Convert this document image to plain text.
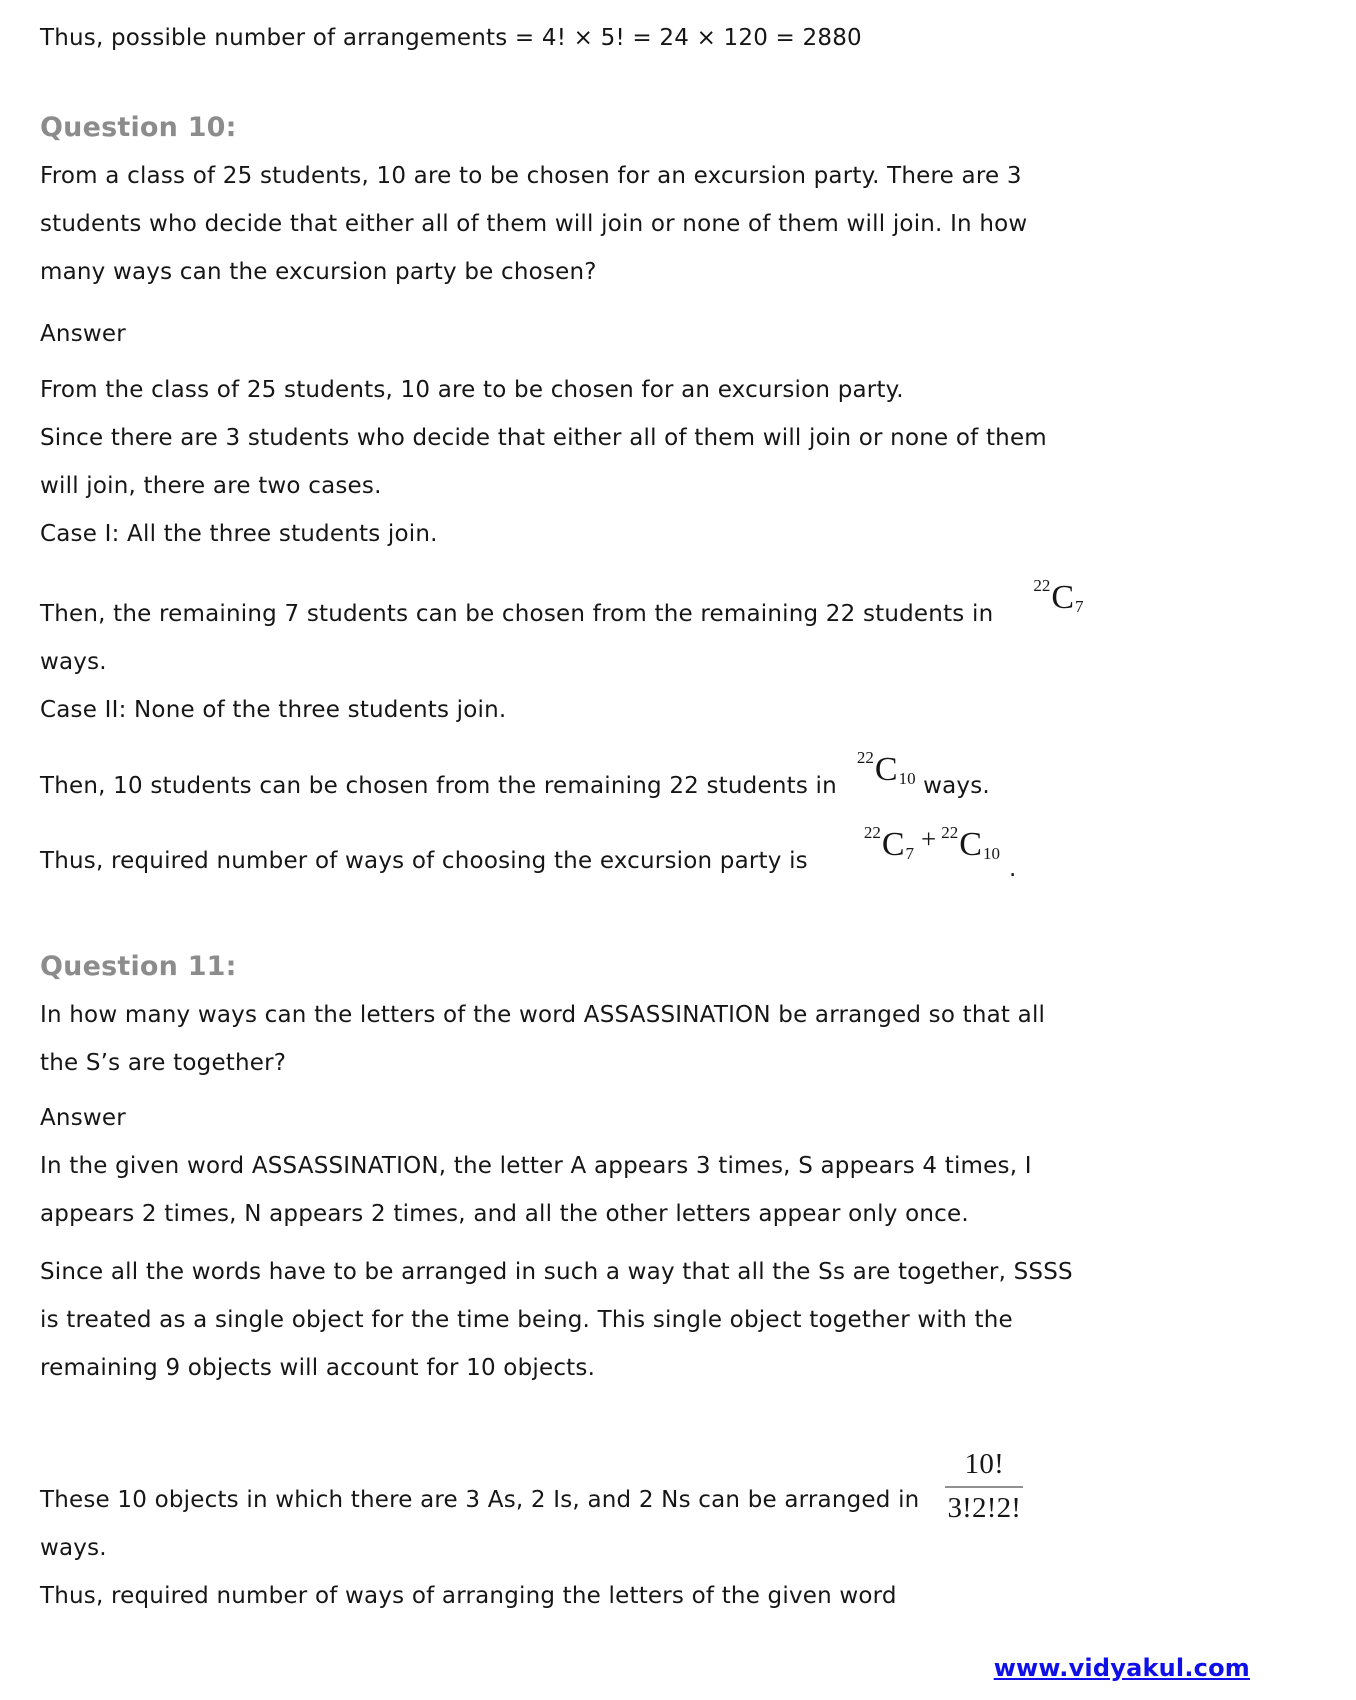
Thus, possible number of arrangements = 4! × 5! = 24 × 120 = 2880
Question 10:
From a class of 25 students, 10 are to be chosen for an excursion party. There are 3
students who decide that either all of them will join or none of them will join. In how
many ways can the excursion party be chosen?
Answer
From the class of 25 students, 10 are to be chosen for an excursion party.
Since there are 3 students who decide that either all of them will join or none of them
will join, there are two cases.
Case I: All the three students join.
Then, the remaining 7 students can be chosen from the remaining 22 students $in^{22}C_7$
ways.
Case II: None of the three students join.
Then, 10 students can be chosen from the remaining 22 students $in^{22}C_{10}$ ways.
Thus, required number of ways of choosing the excursion party $is^{22}C_7 + ^{22}C_{10}$.
Question 11:
In how many ways can the letters of the word ASSASSINATION be arranged so that all
the S’s are together?
Answer
In the given word ASSASSINATION, the letter A appears 3 times, S appears 4 times, I
appears 2 times, N appears 2 times, and all the other letters appear only once.
Since all the words have to be arranged in such a way that all the Ss are together, SSSS
is treated as a single object for the time being. This single object together with the
remaining 9 objects will account for 10 objects.
These 10 objects in which there are 3 As, 2 Is, and 2 Ns can be arranged in $\frac{10!}{3!2!2!}$
ways.
Thus, required number of ways of arranging the letters of the given word
www.vidyakul.com
